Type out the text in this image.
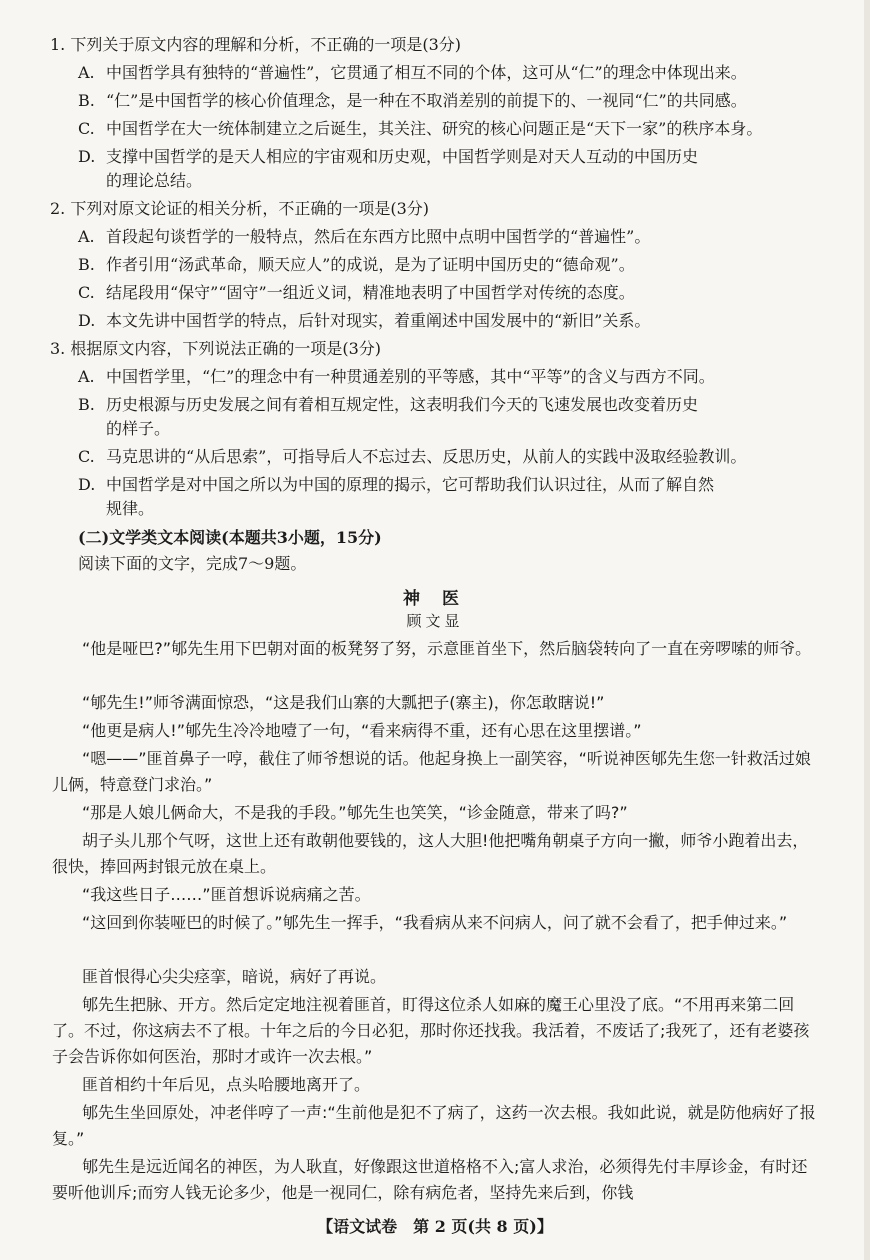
1. 下列关于原文内容的理解和分析，不正确的一项是(3分)
A. 中国哲学具有独特的“普遍性”，它贯通了相互不同的个体，这可从“仁”的理念中体现出来。
B. “仁”是中国哲学的核心价值理念，是一种在不取消差别的前提下的、一视同“仁”的共同感。
C. 中国哲学在大一统体制建立之后诞生，其关注、研究的核心问题正是“天下一家”的秩序本身。
D. 支撑中国哲学的是天人相应的宇宙观和历史观，中国哲学则是对天人互动的中国历史
的理论总结。
2. 下列对原文论证的相关分析，不正确的一项是(3分)
A. 首段起句谈哲学的一般特点，然后在东西方比照中点明中国哲学的“普遍性”。
B. 作者引用“汤武革命，顺天应人”的成说，是为了证明中国历史的“德命观”。
C. 结尾段用“保守”“固守”一组近义词，精准地表明了中国哲学对传统的态度。
D. 本文先讲中国哲学的特点，后针对现实，着重阐述中国发展中的“新旧”关系。
3. 根据原文内容，下列说法正确的一项是(3分)
A. 中国哲学里，“仁”的理念中有一种贯通差别的平等感，其中“平等”的含义与西方不同。
B. 历史根源与历史发展之间有着相互规定性，这表明我们今天的飞速发展也改变着历史
的样子。
C. 马克思讲的“从后思索”，可指导后人不忘过去、反思历史，从前人的实践中汲取经验教训。
D. 中国哲学是对中国之所以为中国的原理的揭示，它可帮助我们认识过往，从而了解自然
规律。
(二)文学类文本阅读(本题共3小题，15分)
阅读下面的文字，完成7～9题。
神 医
顾文显
“他是哑巴?”郇先生用下巴朝对面的板凳努了努，示意匪首坐下，然后脑袋转向了一直在旁啰嗦的师爷。
“郇先生!”师爷满面惊恐，“这是我们山寨的大瓢把子(寨主)，你怎敢瞎说!”
“他更是病人!”郇先生冷冷地噎了一句，“看来病得不重，还有心思在这里摆谱。”
“嗯——”匪首鼻子一哼，截住了师爷想说的话。他起身换上一副笑容，“听说神医郇先生您一针救活过娘儿俩，特意登门求治。”
“那是人娘儿俩命大，不是我的手段。”郇先生也笑笑，“诊金随意，带来了吗?”
胡子头儿那个气呀，这世上还有敢朝他要钱的，这人大胆!他把嘴角朝桌子方向一撇，师爷小跑着出去，很快，捧回两封银元放在桌上。
“我这些日子……”匪首想诉说病痛之苦。
“这回到你装哑巴的时候了。”郇先生一挥手，“我看病从来不问病人，问了就不会看了，把手伸过来。”
匪首恨得心尖尖痉挛，暗说，病好了再说。
郇先生把脉、开方。然后定定地注视着匪首，盯得这位杀人如麻的魔王心里没了底。“不用再来第二回了。不过，你这病去不了根。十年之后的今日必犯，那时你还找我。我活着，不废话了;我死了，还有老婆孩子会告诉你如何医治，那时才或许一次去根。”
匪首相约十年后见，点头哈腰地离开了。
郇先生坐回原处，冲老伴哼了一声:“生前他是犯不了病了，这药一次去根。我如此说，就是防他病好了报复。”
郇先生是远近闻名的神医，为人耿直，好像跟这世道格格不入;富人求治，必须得先付丰厚诊金，有时还要听他训斥;而穷人钱无论多少，他是一视同仁，除有病危者，坚持先来后到，你钱
【语文试卷　第 2 页(共 8 页)】
